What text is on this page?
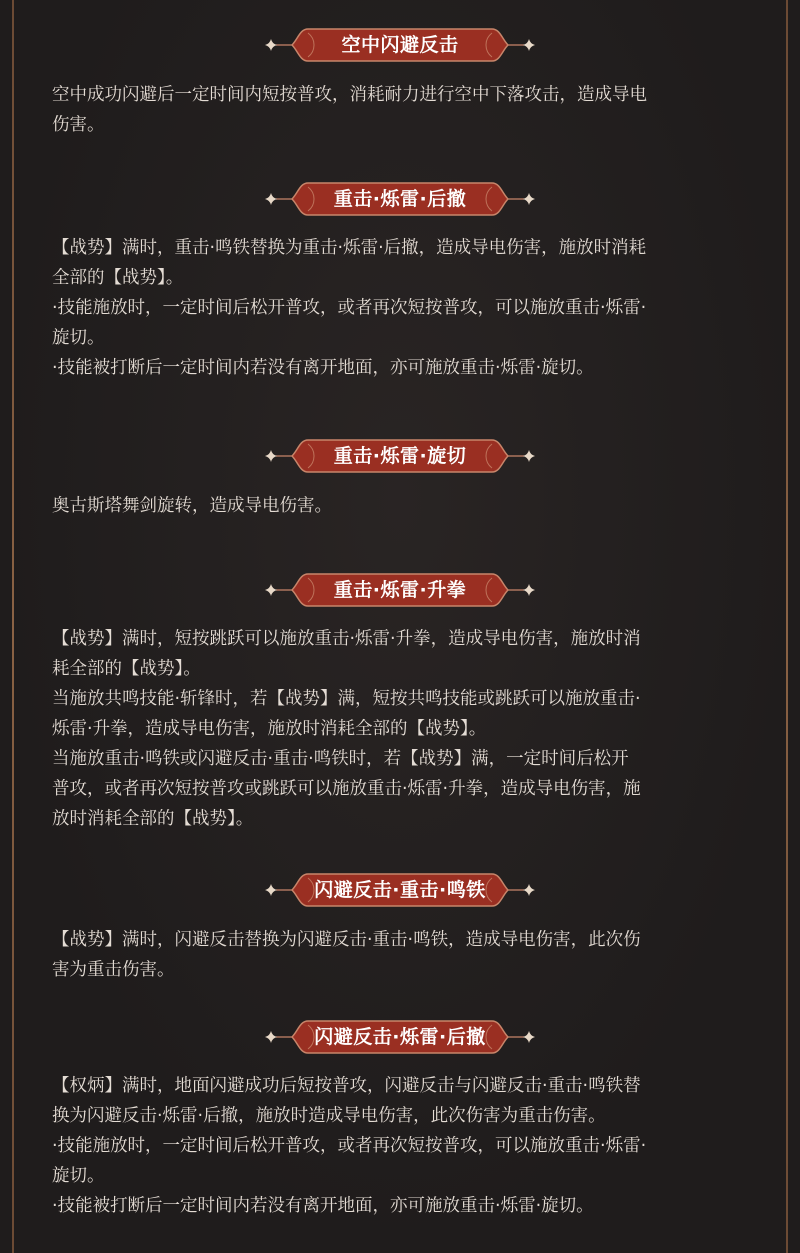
空中闪避反击
空中成功闪避后一定时间内短按普攻，消耗耐力进行空中下落攻击，造成导电
伤害。
重击·烁雷·后撤
【战势】满时，重击·鸣铁替换为重击·烁雷·后撤，造成导电伤害，施放时消耗
全部的【战势】。
·技能施放时，一定时间后松开普攻，或者再次短按普攻，可以施放重击·烁雷·
旋切。
·技能被打断后一定时间内若没有离开地面，亦可施放重击·烁雷·旋切。
重击·烁雷·旋切
奥古斯塔舞剑旋转，造成导电伤害。
重击·烁雷·升拳
【战势】满时，短按跳跃可以施放重击·烁雷·升拳，造成导电伤害，施放时消
耗全部的【战势】。
当施放共鸣技能·斩锋时，若【战势】满，短按共鸣技能或跳跃可以施放重击·
烁雷·升拳，造成导电伤害，施放时消耗全部的【战势】。
当施放重击·鸣铁或闪避反击·重击·鸣铁时，若【战势】满，一定时间后松开
普攻，或者再次短按普攻或跳跃可以施放重击·烁雷·升拳，造成导电伤害，施
放时消耗全部的【战势】。
闪避反击·重击·鸣铁
【战势】满时，闪避反击替换为闪避反击·重击·鸣铁，造成导电伤害，此次伤
害为重击伤害。
闪避反击·烁雷·后撤
【权炳】满时，地面闪避成功后短按普攻，闪避反击与闪避反击·重击·鸣铁替
换为闪避反击·烁雷·后撤，施放时造成导电伤害，此次伤害为重击伤害。
·技能施放时，一定时间后松开普攻，或者再次短按普攻，可以施放重击·烁雷·
旋切。
·技能被打断后一定时间内若没有离开地面，亦可施放重击·烁雷·旋切。
